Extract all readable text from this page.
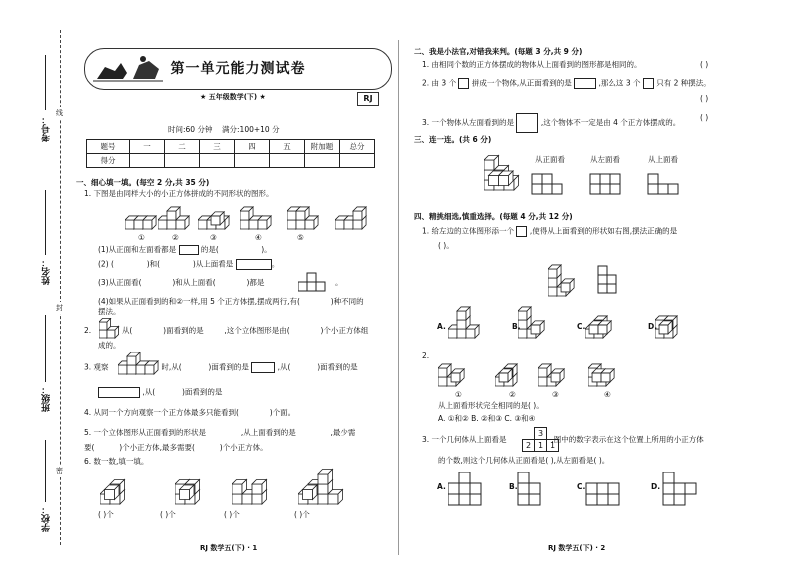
考号：
姓名：
班级：
学校：
线
封
密
第一单元能力测试卷
★ 五年级数学(下) ★	RJ
时间:60 分钟 满分:100+10 分
题号	一	二	三	四	五	附加题	总分
得分							
一、细心填一填。(每空 2 分,共 35 分)
1. 下图是由同样大小的小正方体拼成的不同形状的图形。
①	②	③	④	⑤
(1)从正面和左面看都是	的是(	)。
(2) (	)和(	)从上面看是	。
(3)从正面看(	)和从上面看(	)都是	。
(4)如果从正面看到的和②一样,用 5 个正方体摆,摆成两行,有(	)种不同的
摆法。
2.	从(	)面看到的是	,这个立体图形是由(	)个小正方体组
成的。
3. 观察	时,从(	)面看到的是	,从(	)面看到的是
,从(	)面看到的是
4. 从同一个方向观察一个正方体最多只能看到(	)个面。
5. 一个立体图形从正面看到的形状是	,从上面看到的是	,最少需
要(	)个小正方体,最多需要(	)个小正方体。
6. 数一数,填一填。
( )个	( )个	( )个	( )个
RJ 数学五(下) · 1
二、我是小法官,对错我来判。(每题 3 分,共 9 分)
1. 由相同个数的正方体摆成的物体从上面看到的图形都是相同的。	( )
2. 由 3 个 拼成一个物体,从正面看到的是	,那么这 3 个 只有 2 种摆法。
( )
3. 一个物体从左面看到的是	,这个物体不一定是由 4 个正方体摆成的。
( )
三、连一连。(共 6 分)
从正面看	从左面看	从上面看
四、精挑细选,慎重选择。(每题 4 分,共 12 分)
1. 给左边的立体图形添一个 ,使得从上面看到的形状如右图,摆法正确的是
( )。
A.	B.	C.	D.
2.
①	②	③	④
从上面看形状完全相同的是( )。
A. ①和② B. ②和③ C. ③和④
3. 一个几何体从上面看是	,图中的数字表示在这个位置上所用的小正方体
3
2 1 1
的个数,则这个几何体从正面看是( ),从左面看是( )。
A.	B.	C.	D.
RJ 数学五(下) · 2
